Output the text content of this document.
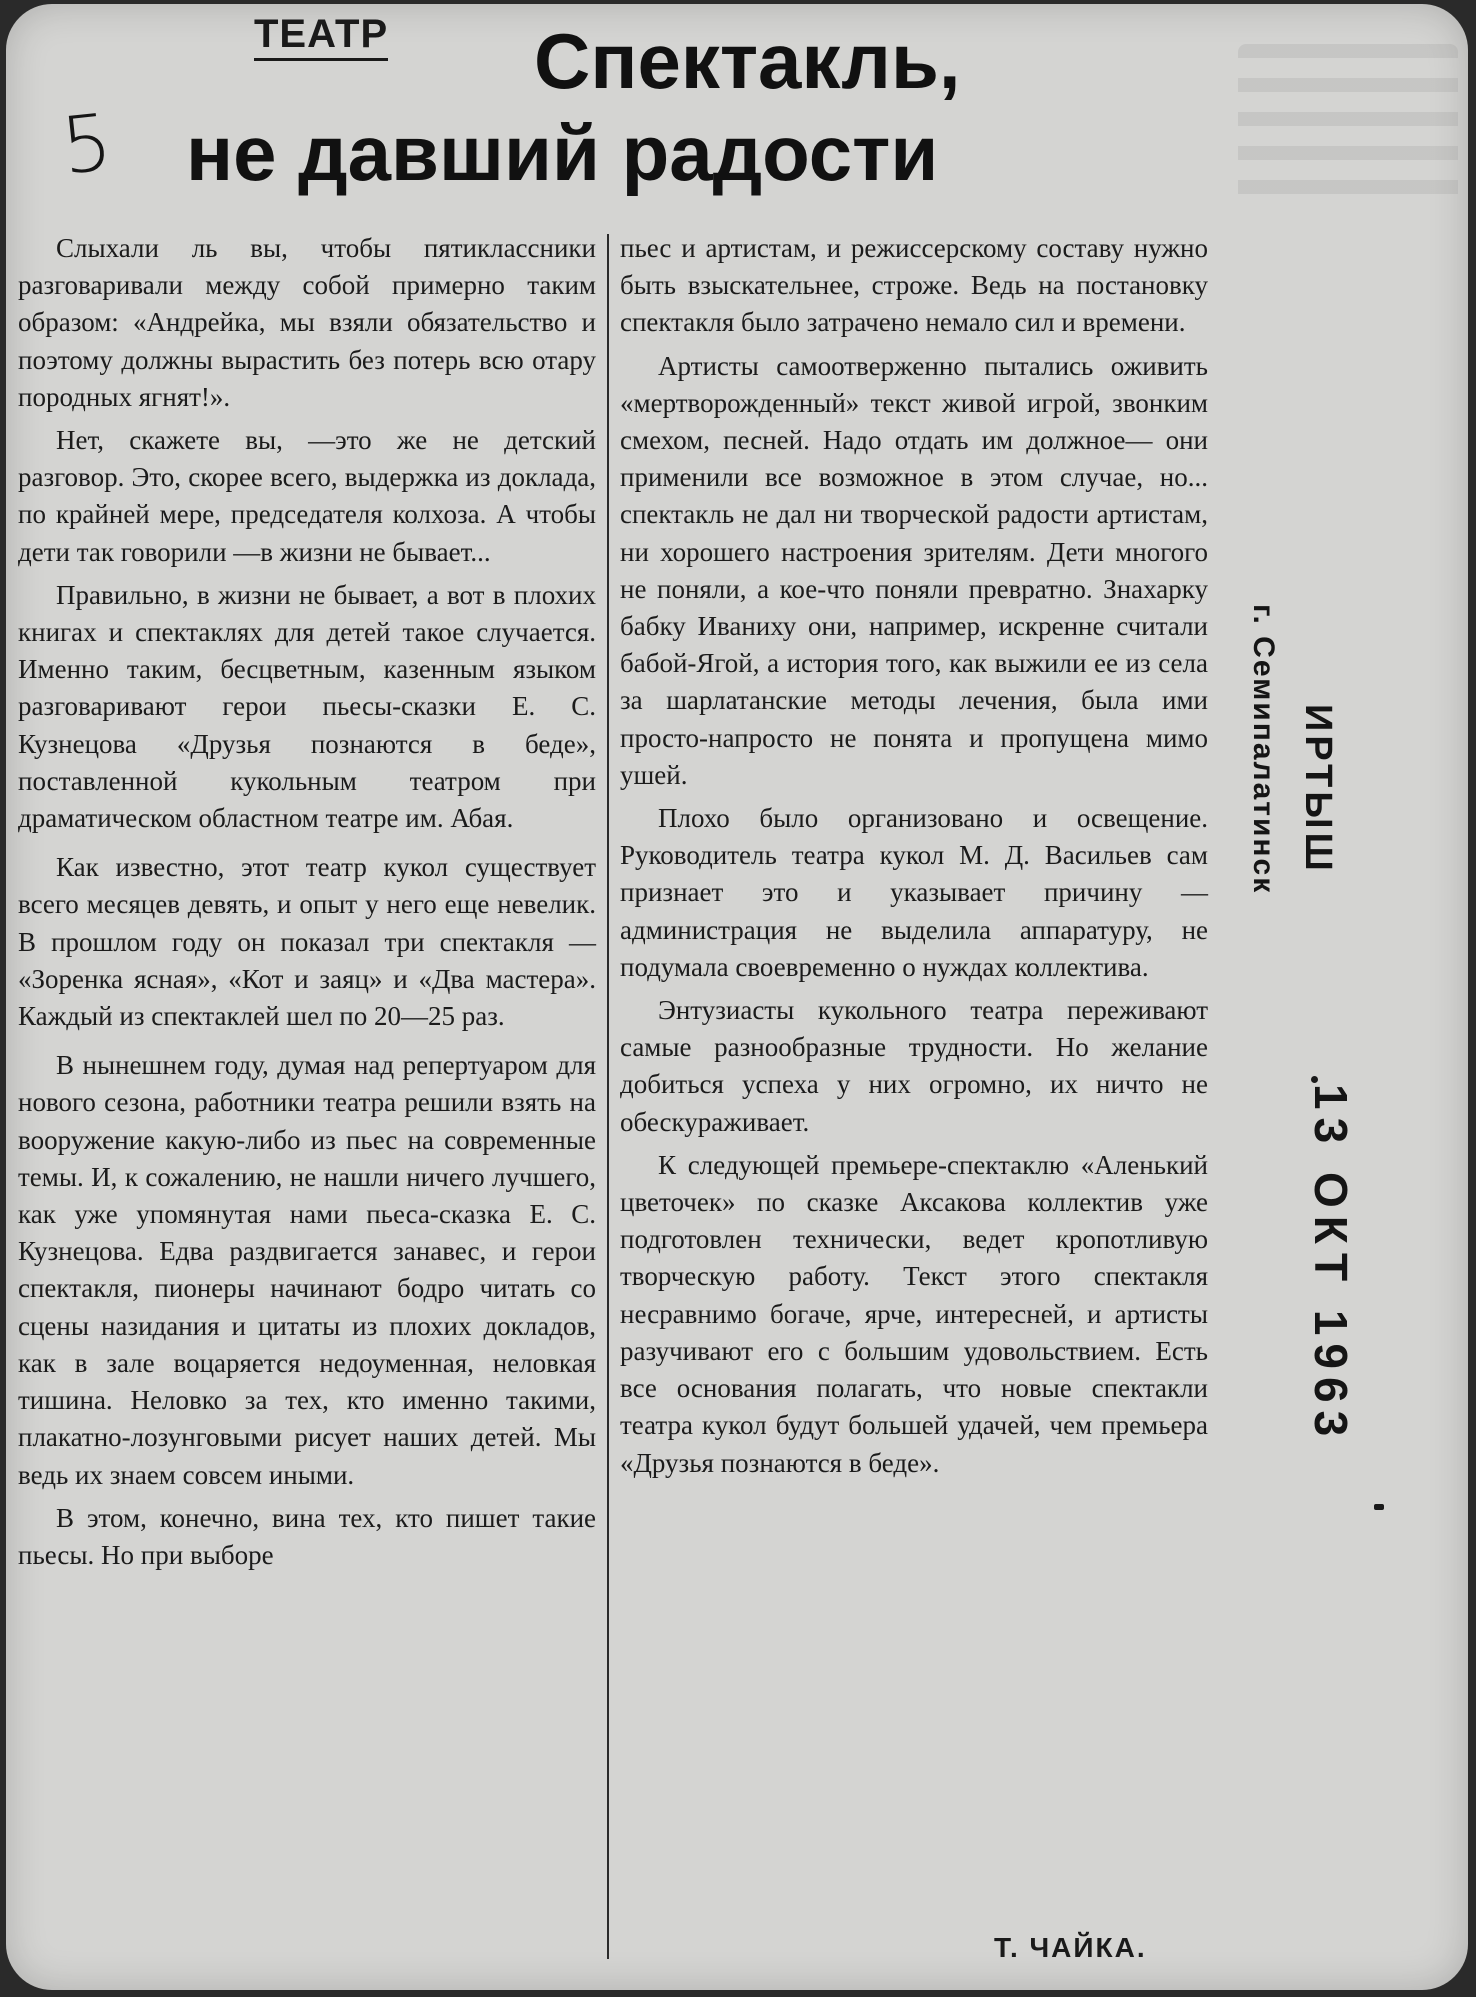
ТЕАТР
5
Спектакль,
не давший радости

Слыхали ль вы, чтобы пятиклассники разговаривали между собой примерно таким образом: «Андрейка, мы взяли обязательство и поэтому должны вырастить без потерь всю отару породных ягнят!».

Нет, скажете вы, —это же не детский разговор. Это, скорее всего, выдержка из доклада, по крайней мере, председателя колхоза. А чтобы дети так говорили —в жизни не бывает...

Правильно, в жизни не бывает, а вот в плохих книгах и спектаклях для детей такое случается. Именно таким, бесцветным, казенным языком разговаривают герои пьесы-сказки Е. С. Кузнецова «Друзья познаются в беде», поставленной кукольным театром при драматическом областном театре им. Абая.

Как известно, этот театр кукол существует всего месяцев девять, и опыт у него еще невелик. В прошлом году он показал три спектакля — «Зоренка ясная», «Кот и заяц» и «Два мастера». Каждый из спектаклей шел по 20—25 раз.

В нынешнем году, думая над репертуаром для нового сезона, работники театра решили взять на вооружение какую-либо из пьес на современные темы. И, к сожалению, не нашли ничего лучшего, как уже упомянутая нами пьеса-сказка Е. С. Кузнецова. Едва раздвигается занавес, и герои спектакля, пионеры начинают бодро читать со сцены назидания и цитаты из плохих докладов, как в зале воцаряется недоуменная, неловкая тишина. Неловко за тех, кто именно такими, плакатно-лозунговыми рисует наших детей. Мы ведь их знаем совсем иными.

В этом, конечно, вина тех, кто пишет такие пьесы. Но при выборе

пьес и артистам, и режиссерскому составу нужно быть взыскательнее, строже. Ведь на постановку спектакля было затрачено немало сил и времени.

Артисты самоотверженно пытались оживить «мертворожденный» текст живой игрой, звонким смехом, песней. Надо отдать им должное— они применили все возможное в этом случае, но... спектакль не дал ни творческой радости артистам, ни хорошего настроения зрителям. Дети многого не поняли, а кое-что поняли превратно. Знахарку бабку Иваниху они, например, искренне считали бабой-Ягой, а история того, как выжили ее из села за шарлатанские методы лечения, была ими просто-напросто не понята и пропущена мимо ушей.

Плохо было организовано и освещение. Руководитель театра кукол М. Д. Васильев сам признает это и указывает причину —администрация не выделила аппаратуру, не подумала своевременно о нуждах коллектива.

Энтузиасты кукольного театра переживают самые разнообразные трудности. Но желание добиться успеха у них огромно, их ничто не обескураживает.

К следующей премьере-спектаклю «Аленький цветочек» по сказке Аксакова коллектив уже подготовлен технически, ведет кропотливую творческую работу. Текст этого спектакля несравнимо богаче, ярче, интересней, и артисты разучивают его с большим удовольствием. Есть все основания полагать, что новые спектакли театра кукол будут большей удачей, чем премьера «Друзья познаются в беде».

Т. ЧАЙКА.
ИРТЫШ
г. Семипалатинск
13 ОКТ 1963
